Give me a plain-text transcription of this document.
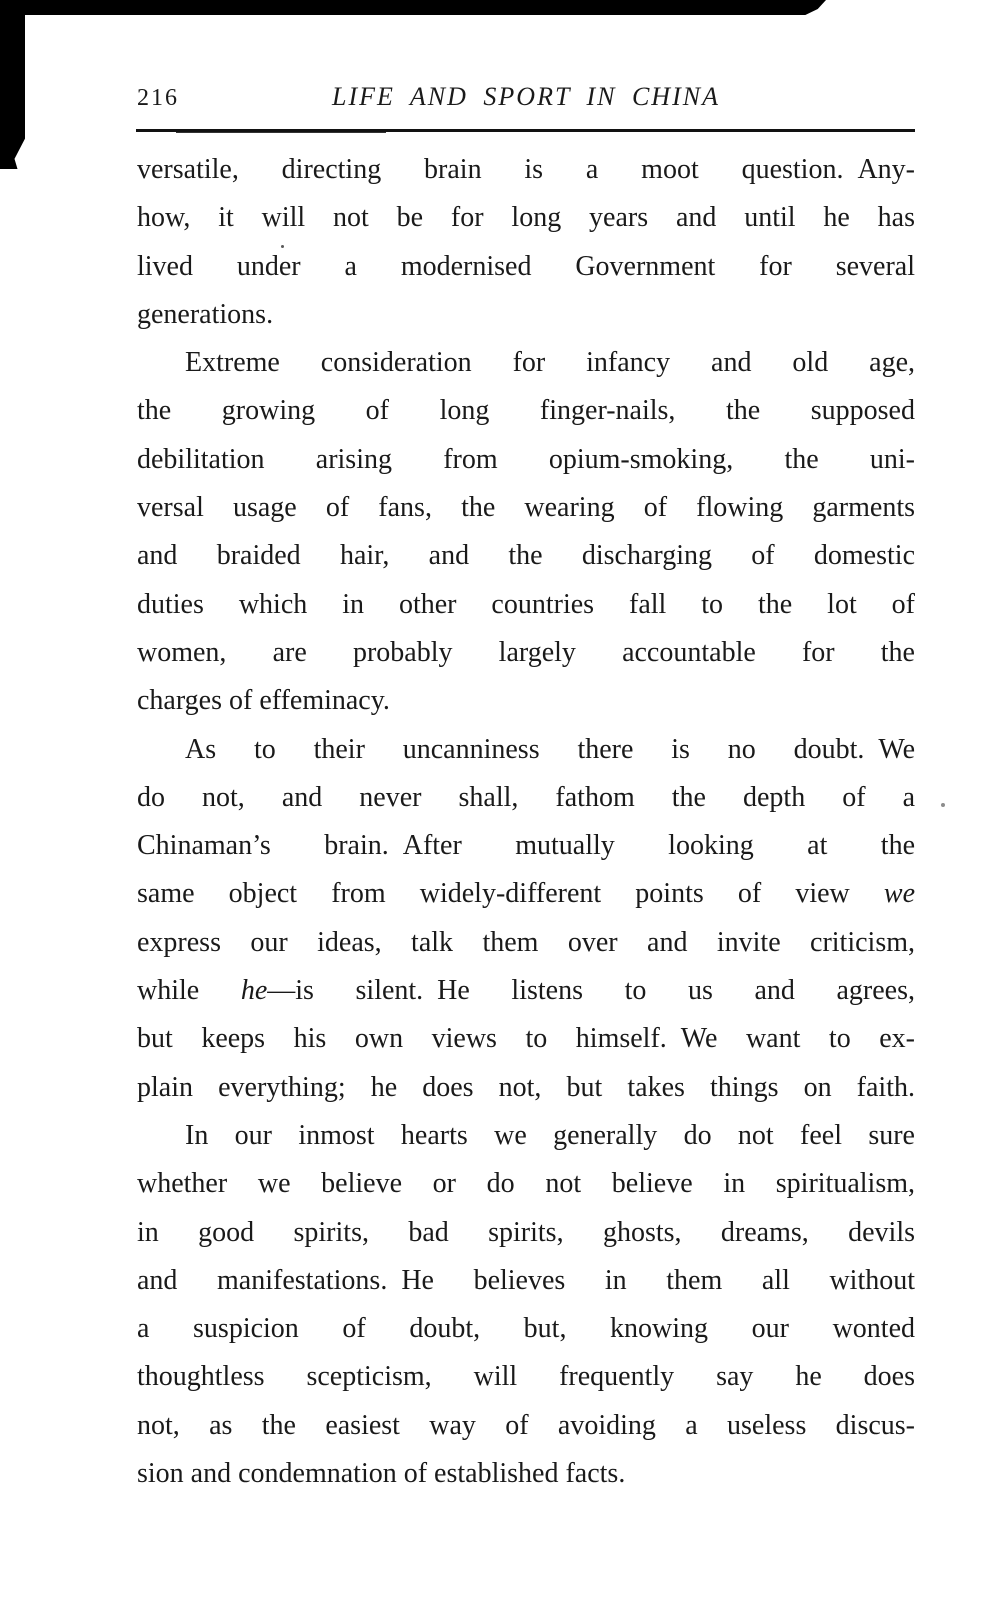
216	LIFE AND SPORT IN CHINA
versatile, directing brain is a moot question. Any-
how, it will not be for long years and until he has
lived under a modernised Government for several
generations.
Extreme consideration for infancy and old age,
the growing of long finger-nails, the supposed
debilitation arising from opium-smoking, the uni-
versal usage of fans, the wearing of flowing garments
and braided hair, and the discharging of domestic
duties which in other countries fall to the lot of
women, are probably largely accountable for the
charges of effeminacy.
As to their uncanniness there is no doubt. We
do not, and never shall, fathom the depth of a
Chinaman’s brain. After mutually looking at the
same object from widely-different points of view we
express our ideas, talk them over and invite criticism,
while he—is silent. He listens to us and agrees,
but keeps his own views to himself. We want to ex-
plain everything; he does not, but takes things on faith.
In our inmost hearts we generally do not feel sure
whether we believe or do not believe in spiritualism,
in good spirits, bad spirits, ghosts, dreams, devils
and manifestations. He believes in them all without
a suspicion of doubt, but, knowing our wonted
thoughtless scepticism, will frequently say he does
not, as the easiest way of avoiding a useless discus-
sion and condemnation of established facts.
